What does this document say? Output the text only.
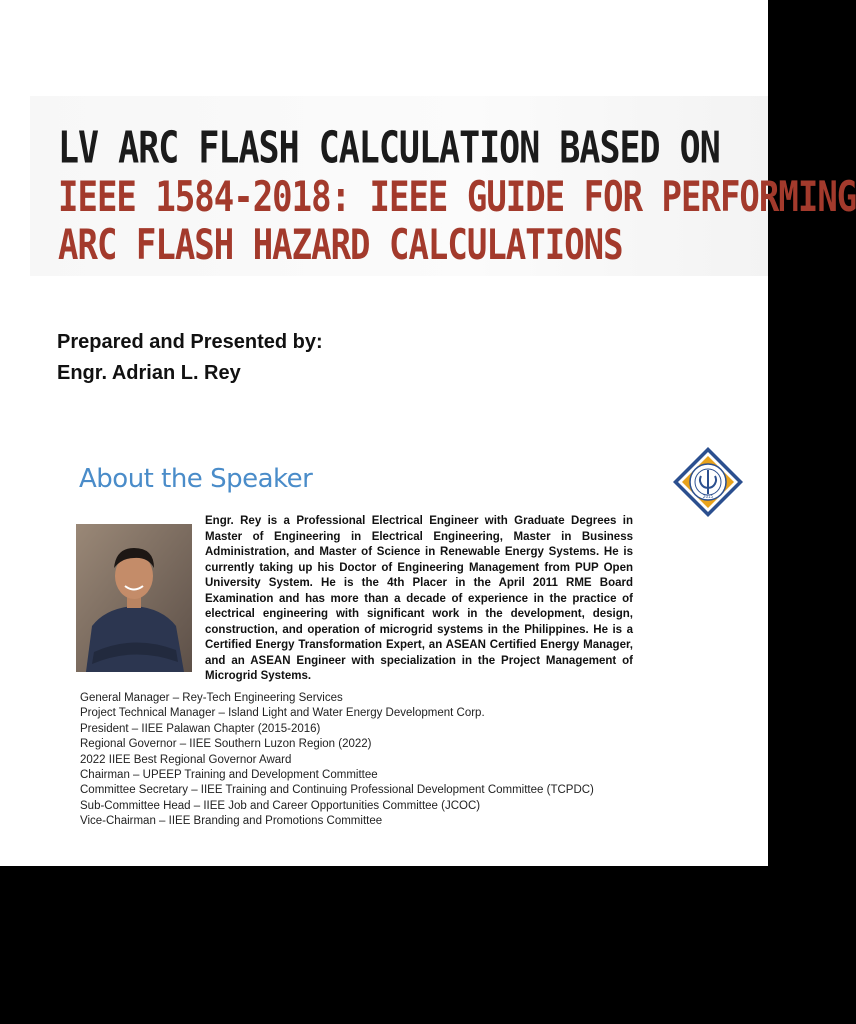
LV ARC FLASH CALCULATION BASED ON
IEEE 1584-2018: IEEE GUIDE FOR PERFORMING
ARC FLASH HAZARD CALCULATIONS

Prepared and Presented by:

Engr. Adrian L. Rey

About the Speaker
2015

Engr. Rey is a Professional Electrical Engineer with Graduate Degrees in Master of Engineering in Electrical Engineering, Master in Business Administration, and Master of Science in Renewable Energy Systems. He is currently taking up his Doctor of Engineering Management from PUP Open University System. He is the 4th Placer in the April 2011 RME Board Examination and has more than a decade of experience in the practice of electrical engineering with significant work in the development, design, construction, and operation of microgrid systems in the Philippines. He is a Certified Energy Transformation Expert, an ASEAN Certified Energy Manager, and an ASEAN Engineer with specialization in the Project Management of Microgrid Systems.

General Manager – Rey-Tech Engineering Services
Project Technical Manager – Island Light and Water Energy Development Corp.
President – IIEE Palawan Chapter (2015-2016)
Regional Governor – IIEE Southern Luzon Region (2022)
2022 IIEE Best Regional Governor Award
Chairman – UPEEP Training and Development Committee
Committee Secretary – IIEE Training and Continuing Professional Development Committee (TCPDC)
Sub-Committee Head – IIEE Job and Career Opportunities Committee (JCOC)
Vice-Chairman – IIEE Branding and Promotions Committee
